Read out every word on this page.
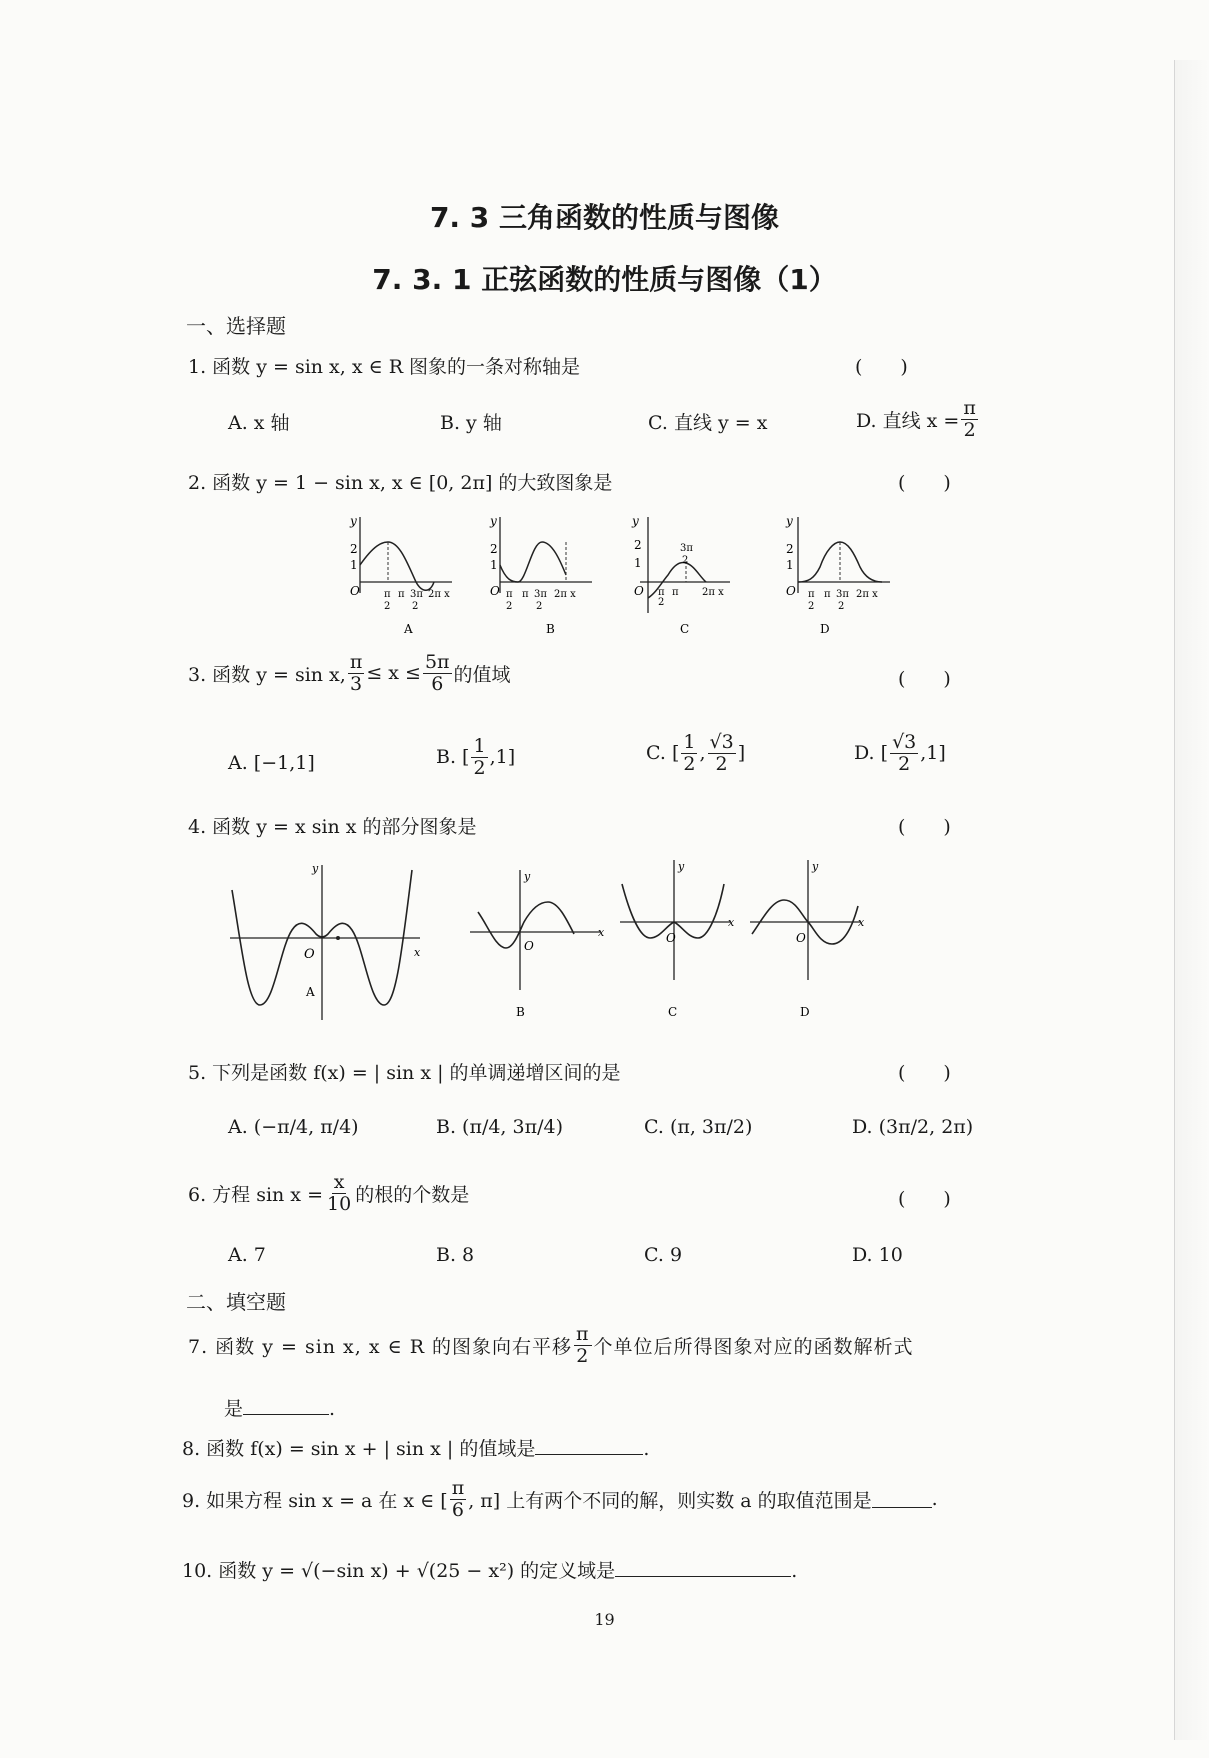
7. 3 三角函数的性质与图像
7. 3. 1 正弦函数的性质与图像（1）
一、选择题
1. 函数 y = sin x, x ∈ R 图象的一条对称轴是	(　　)
A. x 轴	B. y 轴	C. 直线 y = x	D. 直线 $x = \frac{\pi}{2}$
2. 函数 y = 1 − sin x, x ∈ [0, 2π] 的大致图象是	(　　)
y
2
1
O π
2
π 3π
2
2π x
A
y
2
1
O π
2
π 3π
2
2π x
B
y
2
1
O π
2
π
3π
2
2π x
C
y
2
1
O π
2
π 3π
2
2π x
D
3. 函数 y = sin x, $\frac{\pi}{3} \le x \le \frac{5\pi}{6}$ 的值域	(　　)
A. [−1,1]	B. [
1
2 ,1]	C. [
1
2 ,
√3
2 ]	D. [
√3
2 ,1]
4. 函数 y = x sin x 的部分图象是	(　　)
y
O	x
A
y
O
x
B
y
O
x
C
y
O
x
D
5. 下列是函数 f(x) = | sin x | 的单调递增区间的是	(　　)
A. (−π/4, π/4)	B. (π/4, 3π/4)	C. (π, 3π/2)	D. (3π/2, 2π)
6. 方程 $\sin x = \frac{x}{10}$ 的根的个数是	(　　)
A. 7	B. 8	C. 9	D. 10
二、填空题
7. 函数 y = sin x, x ∈ R 的图象向右平移
π
2 个单位后所得图象对应的函数解析式
是	.
8. 函数 f(x) = sin x + | sin x | 的值域是	.
9. 如果方程 sin x = a 在 x ∈ [
π
6 , π] 上有两个不同的解，则实数 a 的取值范围是	.
10. 函数 y = √(−sin x) + √(25 − x²) 的定义域是	.
19
